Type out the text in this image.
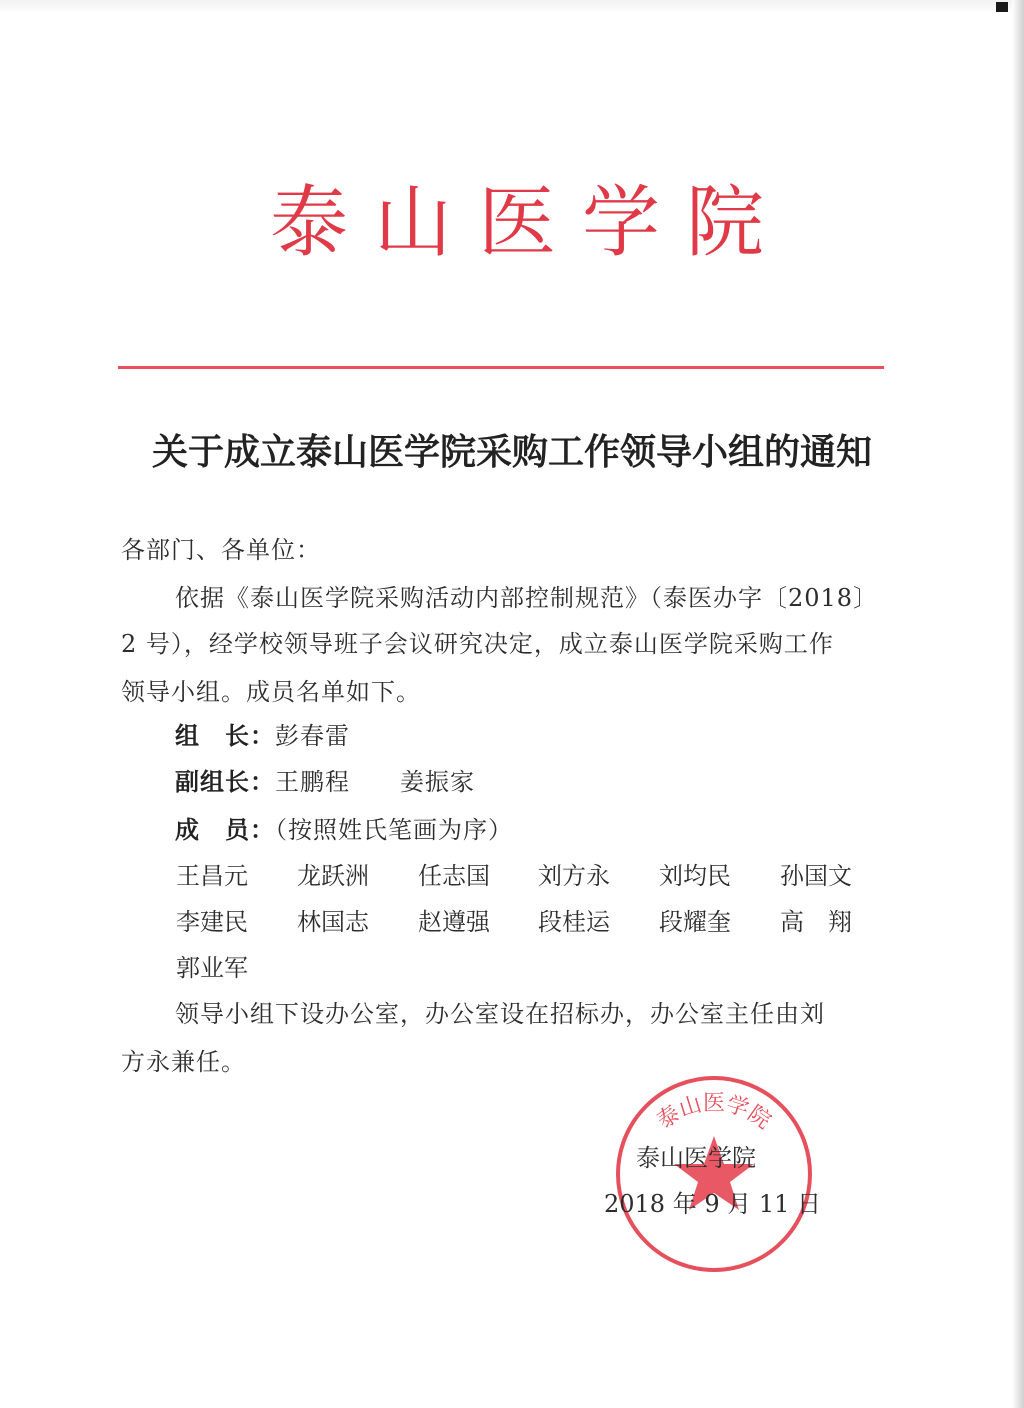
泰山医学院
关于成立泰山医学院采购工作领导小组的通知
各部门、各单位：
依据《泰山医学院采购活动内部控制规范》（泰医办字〔2018〕
2 号），经学校领导班子会议研究决定，成立泰山医学院采购工作
领导小组。成员名单如下。
组　长：彭春雷
副组长：王鹏程　　姜振家
成　员：（按照姓氏笔画为序）
王昌元 龙跃洲 任志国 刘方永 刘均民 孙国文
李建民 林国志 赵遵强 段桂运 段耀奎 高　翔
郭业军
领导小组下设办公室，办公室设在招标办，办公室主任由刘
方永兼任。
泰山医学院
泰山医学院
2018 年 9 月 11 日
